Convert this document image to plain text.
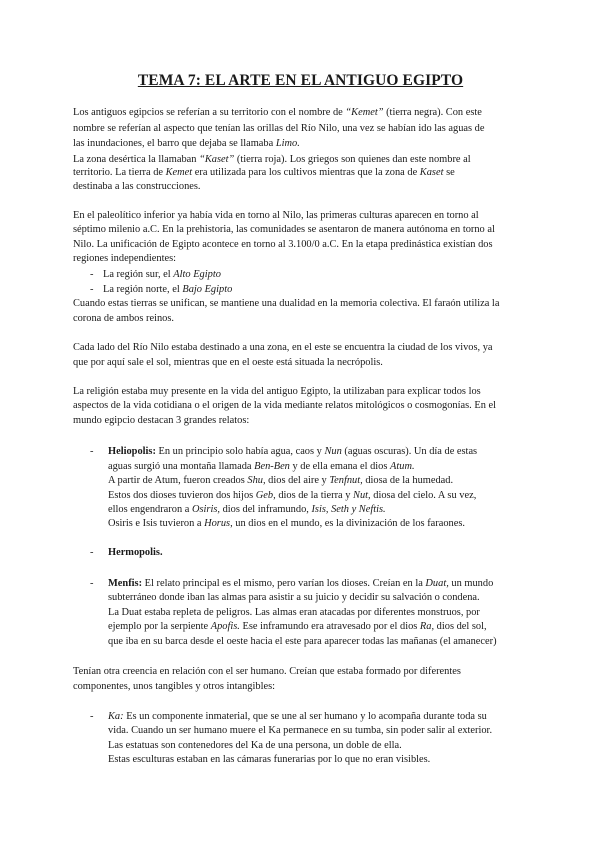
TEMA 7: EL ARTE EN EL ANTIGUO EGIPTO
Los antiguos egipcios se referían a su territorio con el nombre de “Kemet” (tierra negra). Con este
nombre se referían al aspecto que tenían las orillas del Río Nilo, una vez se habían ido las aguas de
las inundaciones, el barro que dejaba se llamaba Limo.
La zona desértica la llamaban “Kaset” (tierra roja). Los griegos son quienes dan este nombre al
territorio. La tierra de Kemet era utilizada para los cultivos mientras que la zona de Kaset se
destinaba a las construcciones.
En el paleolítico inferior ya había vida en torno al Nilo, las primeras culturas aparecen en torno al
séptimo milenio a.C. En la prehistoria, las comunidades se asentaron de manera autónoma en torno al
Nilo. La unificación de Egipto acontece en torno al 3.100/0 a.C. En la etapa predinástica existían dos
regiones independientes:
- La región sur, el Alto Egipto
- La región norte, el Bajo Egipto
Cuando estas tierras se unifican, se mantiene una dualidad en la memoria colectiva. El faraón utiliza la
corona de ambos reinos.
Cada lado del Río Nilo estaba destinado a una zona, en el este se encuentra la ciudad de los vivos, ya
que por aquí sale el sol, mientras que en el oeste está situada la necrópolis.
La religión estaba muy presente en la vida del antiguo Egipto, la utilizaban para explicar todos los
aspectos de la vida cotidiana o el origen de la vida mediante relatos mitológicos o cosmogonías. En el
mundo egipcio destacan 3 grandes relatos:
- Heliopolis: En un principio solo había agua, caos y Nun (aguas oscuras). Un día de estas
aguas surgió una montaña llamada Ben-Ben y de ella emana el dios Atum.
A partir de Atum, fueron creados Shu, dios del aire y Tenfnut, diosa de la humedad.
Estos dos dioses tuvieron dos hijos Geb, dios de la tierra y Nut, diosa del cielo. A su vez,
ellos engendraron a Osiris, dios del inframundo, Isis, Seth y Neftis.
Osiris e Isis tuvieron a Horus, un dios en el mundo, es la divinización de los faraones.
- Hermopolis.
- Menfis: El relato principal es el mismo, pero varían los dioses. Creían en la Duat, un mundo
subterráneo donde iban las almas para asistir a su juicio y decidir su salvación o condena.
La Duat estaba repleta de peligros. Las almas eran atacadas por diferentes monstruos, por
ejemplo por la serpiente Apofis. Ese inframundo era atravesado por el dios Ra, dios del sol,
que iba en su barca desde el oeste hacia el este para aparecer todas las mañanas (el amanecer)
Tenían otra creencia en relación con el ser humano. Creían que estaba formado por diferentes
componentes, unos tangibles y otros intangibles:
- Ka: Es un componente inmaterial, que se une al ser humano y lo acompaña durante toda su
vida. Cuando un ser humano muere el Ka permanece en su tumba, sin poder salir al exterior.
Las estatuas son contenedores del Ka de una persona, un doble de ella.
Estas esculturas estaban en las cámaras funerarias por lo que no eran visibles.
